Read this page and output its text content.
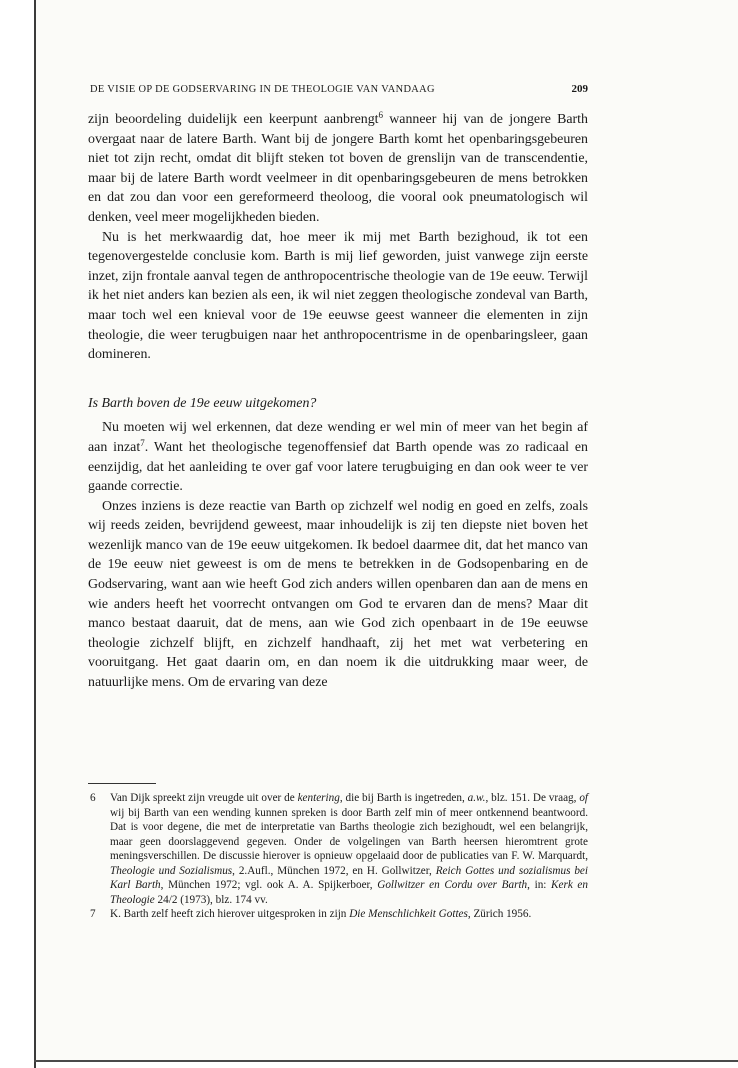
DE VISIE OP DE GODSERVARING IN DE THEOLOGIE VAN VANDAAG	209

zijn beoordeling duidelijk een keerpunt aanbrengt$^6$ wanneer hij van de jongere Barth overgaat naar de latere Barth. Want bij de jongere Barth komt het openbaringsgebeuren niet tot zijn recht, omdat dit blijft steken tot boven de grenslijn van de transcendentie, maar bij de latere Barth wordt veelmeer in dit openbaringsgebeuren de mens betrokken en dat zou dan voor een gereformeerd theoloog, die vooral ook pneumatologisch wil denken, veel meer mogelijkheden bieden.

Nu is het merkwaardig dat, hoe meer ik mij met Barth bezighoud, ik tot een tegenovergestelde conclusie kom. Barth is mij lief geworden, juist vanwege zijn eerste inzet, zijn frontale aanval tegen de anthropocentrische theologie van de 19e eeuw. Terwijl ik het niet anders kan bezien als een, ik wil niet zeggen theologische zondeval van Barth, maar toch wel een knieval voor de 19e eeuwse geest wanneer die elementen in zijn theologie, die weer terugbuigen naar het anthropocentrisme in de openbaringsleer, gaan domineren.

Is Barth boven de 19e eeuw uitgekomen?

Nu moeten wij wel erkennen, dat deze wending er wel min of meer van het begin af aan inzat$^7$. Want het theologische tegenoffensief dat Barth opende was zo radicaal en eenzijdig, dat het aanleiding te over gaf voor latere terugbuiging en dan ook weer te ver gaande correctie.

Onzes inziens is deze reactie van Barth op zichzelf wel nodig en goed en zelfs, zoals wij reeds zeiden, bevrijdend geweest, maar inhoudelijk is zij ten diepste niet boven het wezenlijk manco van de 19e eeuw uitgekomen. Ik bedoel daarmee dit, dat het manco van de 19e eeuw niet geweest is om de mens te betrekken in de Godsopenbaring en de Godservaring, want aan wie heeft God zich anders willen openbaren dan aan de mens en wie anders heeft het voorrecht ontvangen om God te ervaren dan de mens? Maar dit manco bestaat daaruit, dat de mens, aan wie God zich openbaart in de 19e eeuwse theologie zichzelf blijft, en zichzelf handhaaft, zij het met wat verbetering en vooruitgang. Het gaat daarin om, en dan noem ik die uitdrukking maar weer, de natuurlijke mens. Om de ervaring van deze

6	Van Dijk spreekt zijn vreugde uit over de kentering, die bij Barth is ingetreden, a.w., blz. 151. De vraag, of wij bij Barth van een wending kunnen spreken is door Barth zelf min of meer ontkennend beantwoord. Dat is voor degene, die met de interpretatie van Barths theologie zich bezighoudt, wel een belangrijk, maar geen doorslaggevend gegeven. Onder de volgelingen van Barth heersen hieromtrent grote meningsverschillen. De discussie hierover is opnieuw opgelaaid door de publicaties van F. W. Marquardt, Theologie und Sozialismus, 2.Aufl., München 1972, en H. Gollwitzer, Reich Gottes und sozialismus bei Karl Barth, München 1972; vgl. ook A. A. Spijkerboer, Gollwitzer en Cordu over Barth, in: Kerk en Theologie 24/2 (1973), blz. 174 vv.
7	K. Barth zelf heeft zich hierover uitgesproken in zijn Die Menschlichkeit Gottes, Zürich 1956.
